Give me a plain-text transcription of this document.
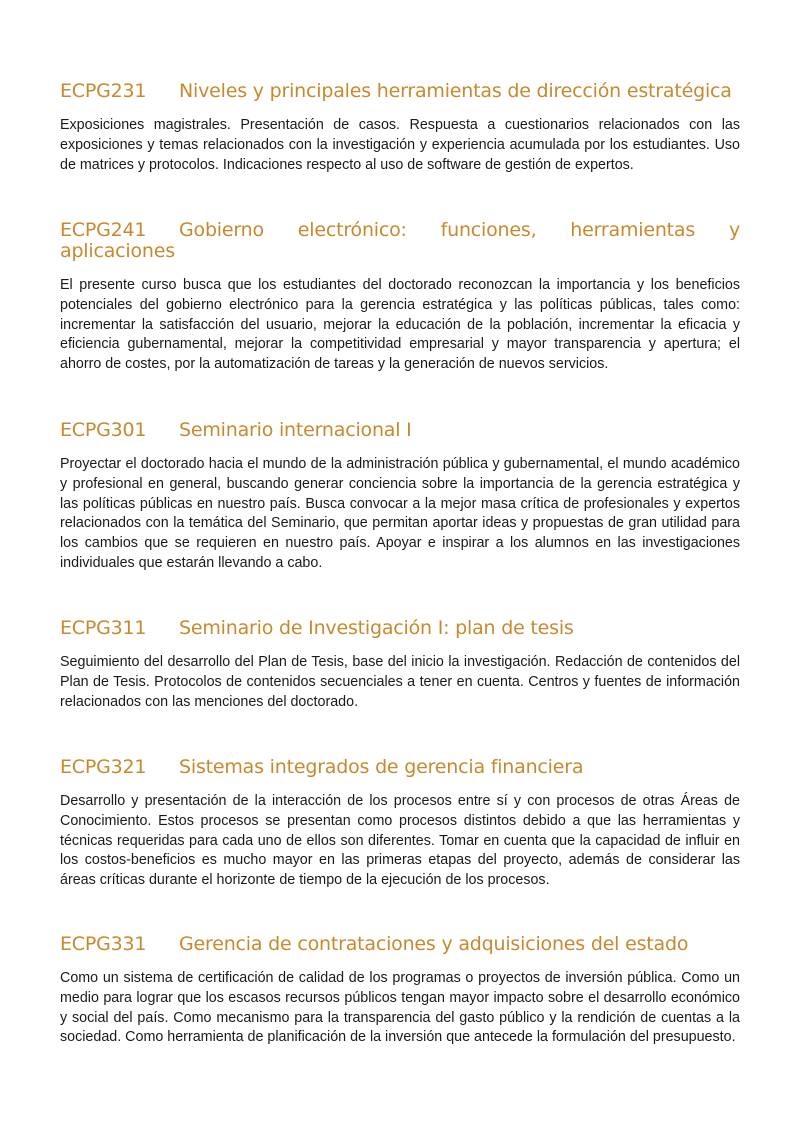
ECPG231 Niveles y principales herramientas de dirección estratégica

Exposiciones magistrales. Presentación de casos. Respuesta a cuestionarios relacionados con las exposiciones y temas relacionados con la investigación y experiencia acumulada por los estudiantes. Uso de matrices y protocolos. Indicaciones respecto al uso de software de gestión de expertos.

ECPG241 Gobierno electrónico: funciones, herramientas y aplicaciones

El presente curso busca que los estudiantes del doctorado reconozcan la importancia y los beneficios potenciales del gobierno electrónico para la gerencia estratégica y las políticas públicas, tales como: incrementar la satisfacción del usuario, mejorar la educación de la población, incrementar la eficacia y eficiencia gubernamental, mejorar la competitividad empresarial y mayor transparencia y apertura; el ahorro de costes, por la automatización de tareas y la generación de nuevos servicios.

ECPG301 Seminario internacional I

Proyectar el doctorado hacia el mundo de la administración pública y gubernamental, el mundo académico y profesional en general, buscando generar conciencia sobre la importancia de la gerencia estratégica y las políticas públicas en nuestro país. Busca convocar a la mejor masa crítica de profesionales y expertos relacionados con la temática del Seminario, que permitan aportar ideas y propuestas de gran utilidad para los cambios que se requieren en nuestro país. Apoyar e inspirar a los alumnos en las investigaciones individuales que estarán llevando a cabo.

ECPG311 Seminario de Investigación I: plan de tesis

Seguimiento del desarrollo del Plan de Tesis, base del inicio la investigación. Redacción de contenidos del Plan de Tesis. Protocolos de contenidos secuenciales a tener en cuenta. Centros y fuentes de información relacionados con las menciones del doctorado.

ECPG321 Sistemas integrados de gerencia financiera

Desarrollo y presentación de la interacción de los procesos entre sí y con procesos de otras Áreas de Conocimiento. Estos procesos se presentan como procesos distintos debido a que las herramientas y técnicas requeridas para cada uno de ellos son diferentes. Tomar en cuenta que la capacidad de influir en los costos-beneficios es mucho mayor en las primeras etapas del proyecto, además de considerar las áreas críticas durante el horizonte de tiempo de la ejecución de los procesos.

ECPG331 Gerencia de contrataciones y adquisiciones del estado

Como un sistema de certificación de calidad de los programas o proyectos de inversión pública. Como un medio para lograr que los escasos recursos públicos tengan mayor impacto sobre el desarrollo económico y social del país. Como mecanismo para la transparencia del gasto público y la rendición de cuentas a la sociedad. Como herramienta de planificación de la inversión que antecede la formulación del presupuesto.
